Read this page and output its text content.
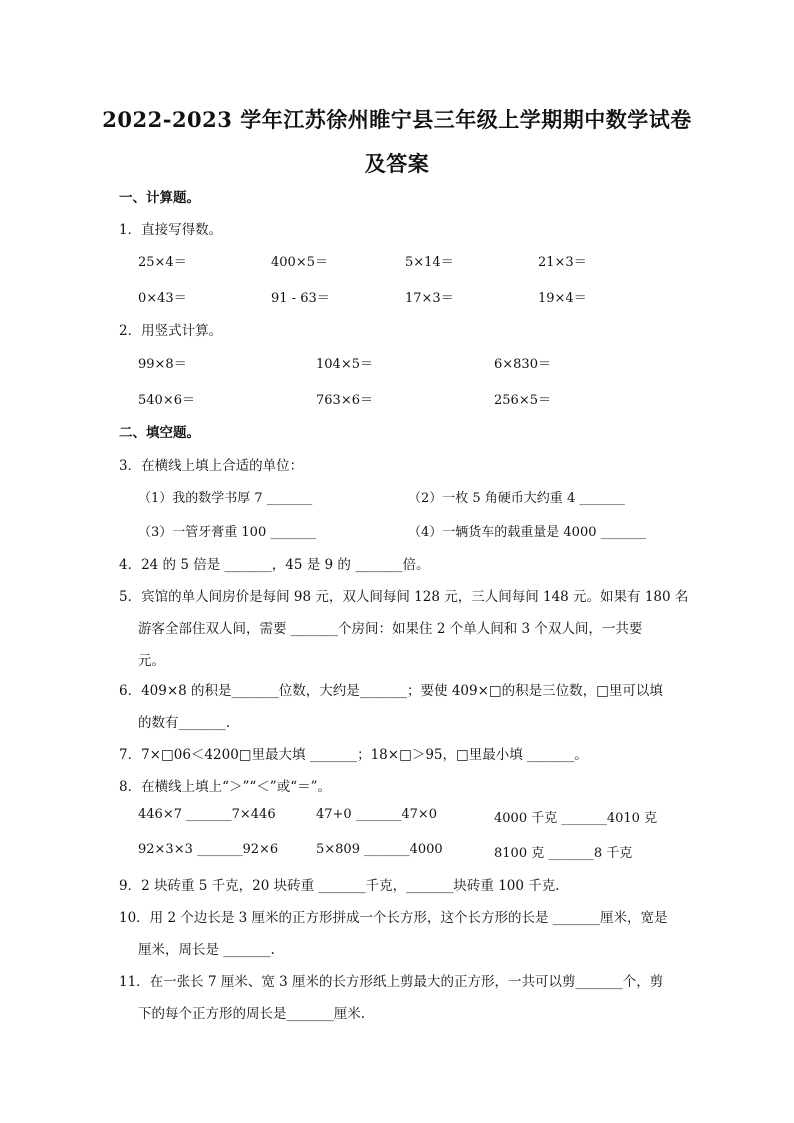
2022-2023 学年江苏徐州睢宁县三年级上学期期中数学试卷
及答案
一、计算题。
1．直接写得数。
25×4＝	400×5＝	5×14＝	21×3＝
0×43＝	91 - 63＝	17×3＝	19×4＝
2．用竖式计算。
99×8＝	104×5＝	6×830＝
540×6＝	763×6＝	256×5＝
二、填空题。
3．在横线上填上合适的单位：
（1）我的数学书厚 7 _______	（2）一枚 5 角硬币大约重 4 _______
（3）一管牙膏重 100 _______	（4）一辆货车的载重量是 4000 _______
4．24 的 5 倍是 _______，45 是 9 的 _______倍。
5．宾馆的单人间房价是每间 98 元，双人间每间 128 元，三人间每间 148 元。如果有 180 名
游客全部住双人间，需要 _______个房间：如果住 2 个单人间和 3 个双人间，一共要
元。
6．409×8 的积是_______位数，大约是_______；要使 409×□的积是三位数，□里可以填
的数有_______.
7．7×□06＜4200□里最大填 _______；18×□＞95，□里最小填 _______。
8．在横线上填上“＞”“＜”或“＝”。
446×7 _______7×446	47+0 _______47×0	4000 千克 _______4010 克
92×3×3 _______92×6	5×809 _______4000	8100 克 _______8 千克
9．2 块砖重 5 千克，20 块砖重 _______千克，_______块砖重 100 千克.
10．用 2 个边长是 3 厘米的正方形拼成一个长方形，这个长方形的长是 _______厘米，宽是
厘米，周长是 _______.
11．在一张长 7 厘米、宽 3 厘米的长方形纸上剪最大的正方形，一共可以剪_______个，剪
下的每个正方形的周长是_______厘米.
